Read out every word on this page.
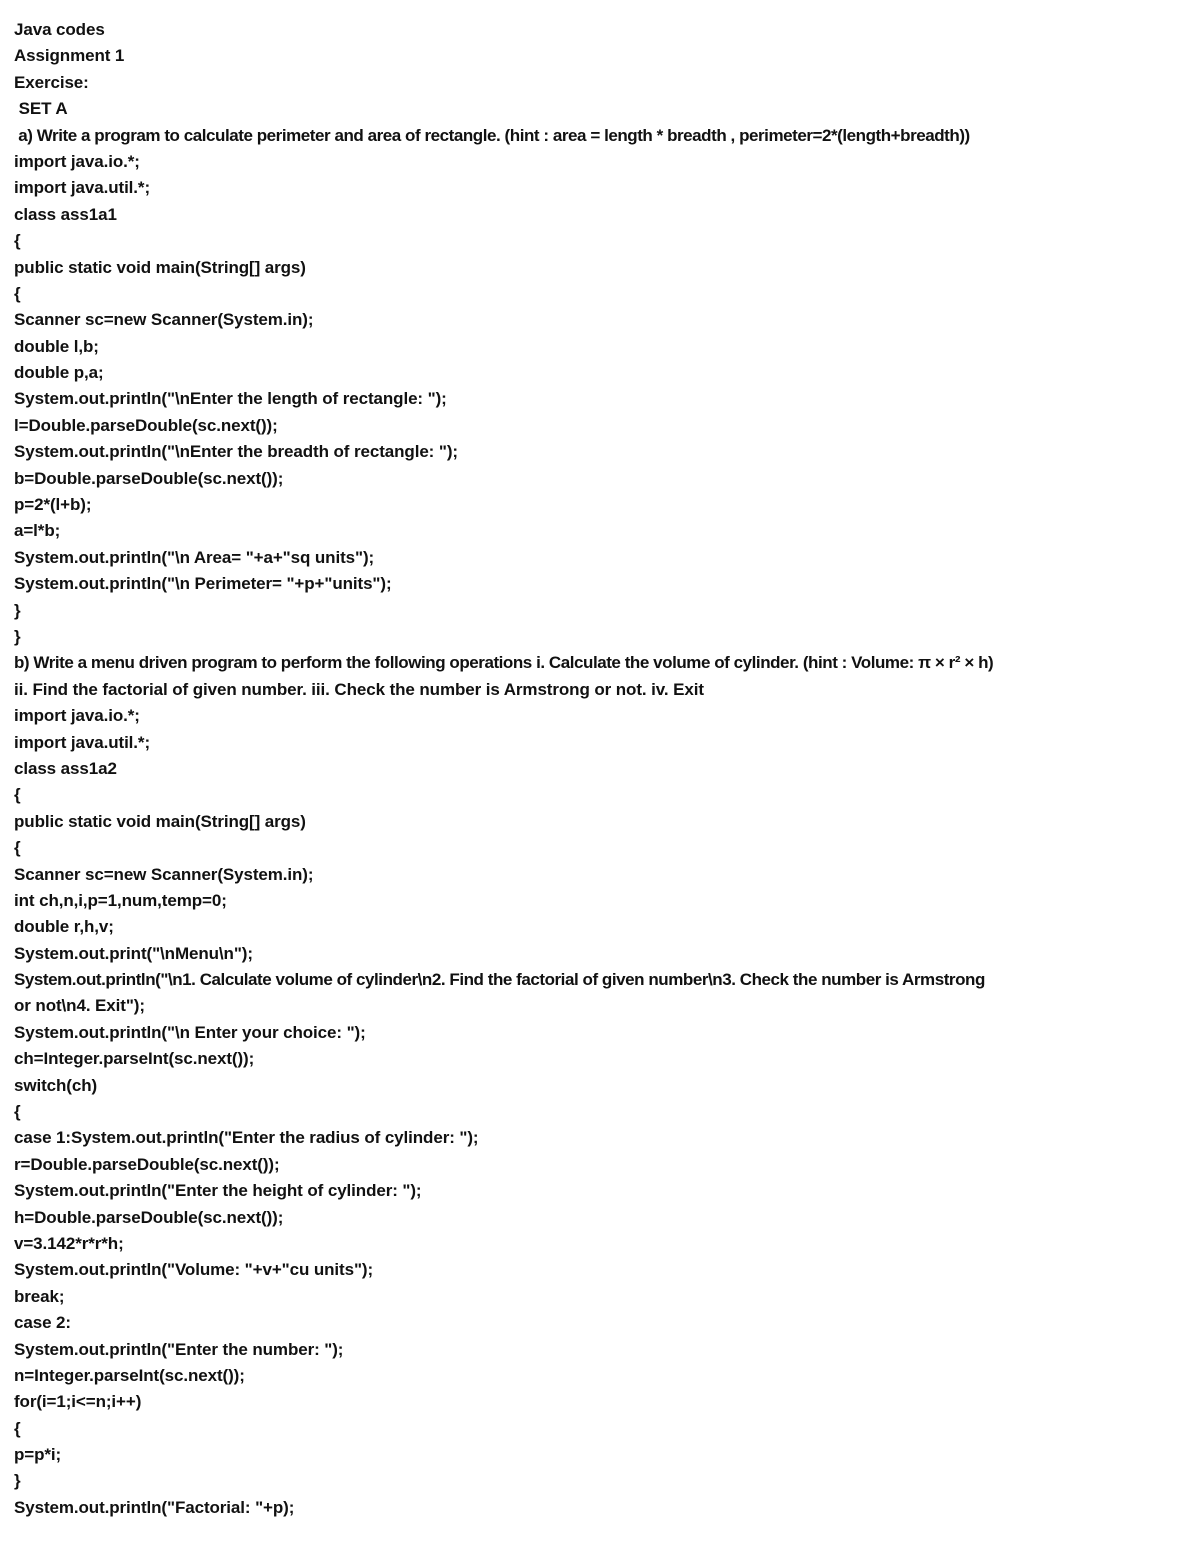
Java codes
Assignment 1
Exercise:
SET A
a) Write a program to calculate perimeter and area of rectangle. (hint : area = length * breadth , perimeter=2*(length+breadth))
import java.io.*;
import java.util.*;
class ass1a1
{
public static void main(String[] args)
{
Scanner sc=new Scanner(System.in);
double l,b;
double p,a;
System.out.println("\nEnter the length of rectangle: ");
l=Double.parseDouble(sc.next());
System.out.println("\nEnter the breadth of rectangle: ");
b=Double.parseDouble(sc.next());
p=2*(l+b);
a=l*b;
System.out.println("\n Area= "+a+"sq units");
System.out.println("\n Perimeter= "+p+"units");
}
}
b) Write a menu driven program to perform the following operations i. Calculate the volume of cylinder. (hint : Volume: π × r² × h)
ii. Find the factorial of given number. iii. Check the number is Armstrong or not. iv. Exit
import java.io.*;
import java.util.*;
class ass1a2
{
public static void main(String[] args)
{
Scanner sc=new Scanner(System.in);
int ch,n,i,p=1,num,temp=0;
double r,h,v;
System.out.print("\nMenu\n");
System.out.println("\n1. Calculate volume of cylinder\n2. Find the factorial of given number\n3. Check the number is Armstrong
or not\n4. Exit");
System.out.println("\n Enter your choice: ");
ch=Integer.parseInt(sc.next());
switch(ch)
{
case 1:System.out.println("Enter the radius of cylinder: ");
r=Double.parseDouble(sc.next());
System.out.println("Enter the height of cylinder: ");
h=Double.parseDouble(sc.next());
v=3.142*r*r*h;
System.out.println("Volume: "+v+"cu units");
break;
case 2:
System.out.println("Enter the number: ");
n=Integer.parseInt(sc.next());
for(i=1;i<=n;i++)
{
p=p*i;
}
System.out.println("Factorial: "+p);
